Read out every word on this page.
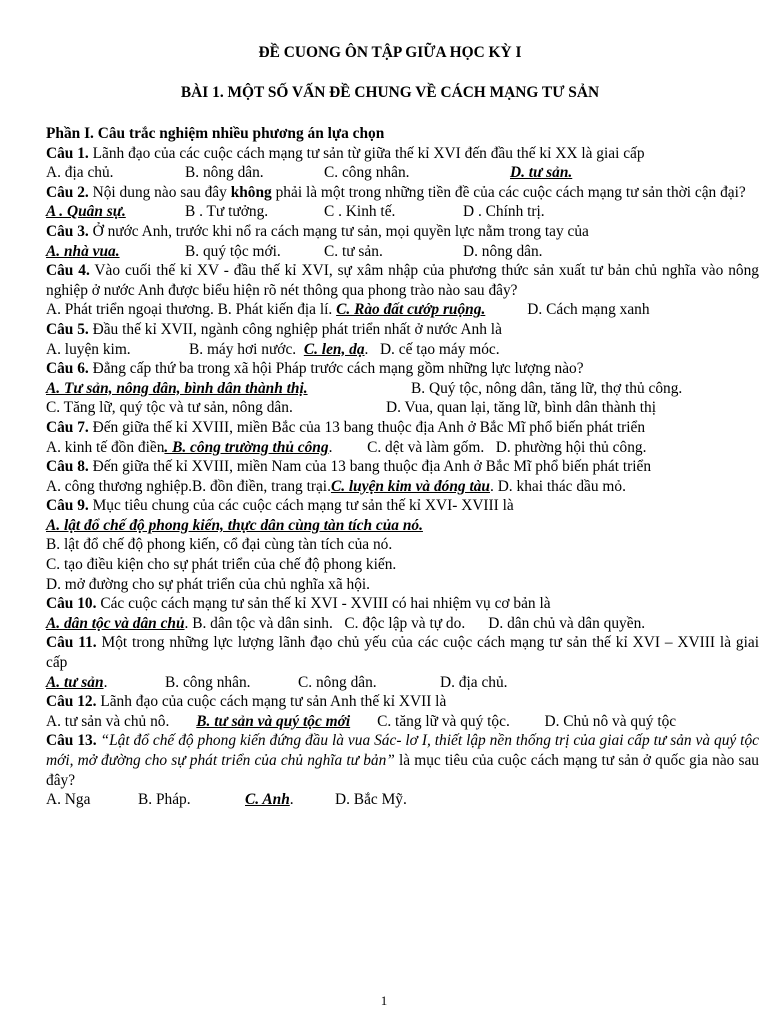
ĐỀ CUONG ÔN TẬP GIỮA HỌC KỲ I
BÀI 1. MỘT SỐ VẤN ĐỀ CHUNG VỀ CÁCH MẠNG TƯ SẢN
Phần I. Câu trắc nghiệm nhiều phương án lựa chọn
Câu 1. Lãnh đạo của các cuộc cách mạng tư sản từ giữa thế kỉ XVI đến đầu thế kỉ XX là giai cấp
A. địa chủ.	B. nông dân.	C. công nhân.	D. tư sản.
Câu 2. Nội dung nào sau đây không phải là một trong những tiền đề của các cuộc cách mạng tư sản thời cận đại?
A . Quân sự.	B . Tư tưởng.	C . Kinh tế.	D . Chính trị.
Câu 3. Ở nước Anh, trước khi nổ ra cách mạng tư sản, mọi quyền lực nằm trong tay của
A. nhà vua.	B. quý tộc mới.	C. tư sản.	D. nông dân.
Câu 4. Vào cuối thế kỉ XV - đầu thế kỉ XVI, sự xâm nhập của phương thức sản xuất tư bản chủ nghĩa vào nông nghiệp ở nước Anh được biểu hiện rõ nét thông qua phong trào nào sau đây?
A. Phát triển ngoại thương. B. Phát kiến địa lí. C. Rào đất cướp ruộng.	D. Cách mạng xanh
Câu 5. Đầu thế kỉ XVII, ngành công nghiệp phát triển nhất ở nước Anh là
A. luyện kim.	B. máy hơi nước. C. len, dạ.   D. cế tạo máy móc.
Câu 6. Đẳng cấp thứ ba trong xã hội Pháp trước cách mạng gồm những lực lượng nào?
A. Tư sản, nông dân, bình dân thành thị.	B. Quý tộc, nông dân, tăng lữ, thợ thủ công.
C. Tăng lữ, quý tộc và tư sản, nông dân.	D. Vua, quan lại, tăng lữ, bình dân thành thị
Câu 7. Đến giữa thế kỉ XVIII, miền Bắc của 13 bang thuộc địa Anh ở Bắc Mĩ phổ biến phát triển
A. kinh tế đồn điền. B. công trường thủ công.         C. dệt và làm gốm. D. phường hội thủ công.
Câu 8. Đến giữa thế kỉ XVIII, miền Nam của 13 bang thuộc địa Anh ở Bắc Mĩ phổ biến phát triển
A. công thương nghiệp.B. đồn điền, trang trại.C. luyện kim và đóng tàu. D. khai thác dầu mỏ.
Câu 9. Mục tiêu chung của các cuộc cách mạng tư sản thế kỉ XVI- XVIII là
A. lật đổ chế độ phong kiến, thực dân cùng tàn tích của nó.
B. lật đổ chế độ phong kiến, cổ đại cùng tàn tích của nó.
C. tạo điều kiện cho sự phát triển của chế độ phong kiến.
D. mở đường cho sự phát triển của chủ nghĩa xã hội.
Câu 10. Các cuộc cách mạng tư sản thế kỉ XVI - XVIII có hai nhiệm vụ cơ bản là
A. dân tộc và dân chủ. B. dân tộc và dân sinh. C. độc lập và tự do. D. dân chủ và dân quyền.
Câu 11. Một trong những lực lượng lãnh đạo chủ yếu của các cuộc cách mạng tư sản thế kỉ XVI – XVIII là giai cấp
A. tư sản.	B. công nhân.	C. nông dân.	D. địa chủ.
Câu 12. Lãnh đạo của cuộc cách mạng tư sản Anh thế kỉ XVII là
A. tư sản và chủ nô. B. tư sản và quý tộc mới C. tăng lữ và quý tộc. D. Chủ nô và quý tộc
Câu 13. “Lật đổ chế độ phong kiến đứng đầu là vua Sác- lơ I, thiết lập nền thống trị của giai cấp tư sản và quý tộc mới, mở đường cho sự phát triển của chủ nghĩa tư bản” là mục tiêu của cuộc cách mạng tư sản ở quốc gia nào sau đây?
A. Nga	B. Pháp.	C. Anh.	D. Bắc Mỹ.
1
